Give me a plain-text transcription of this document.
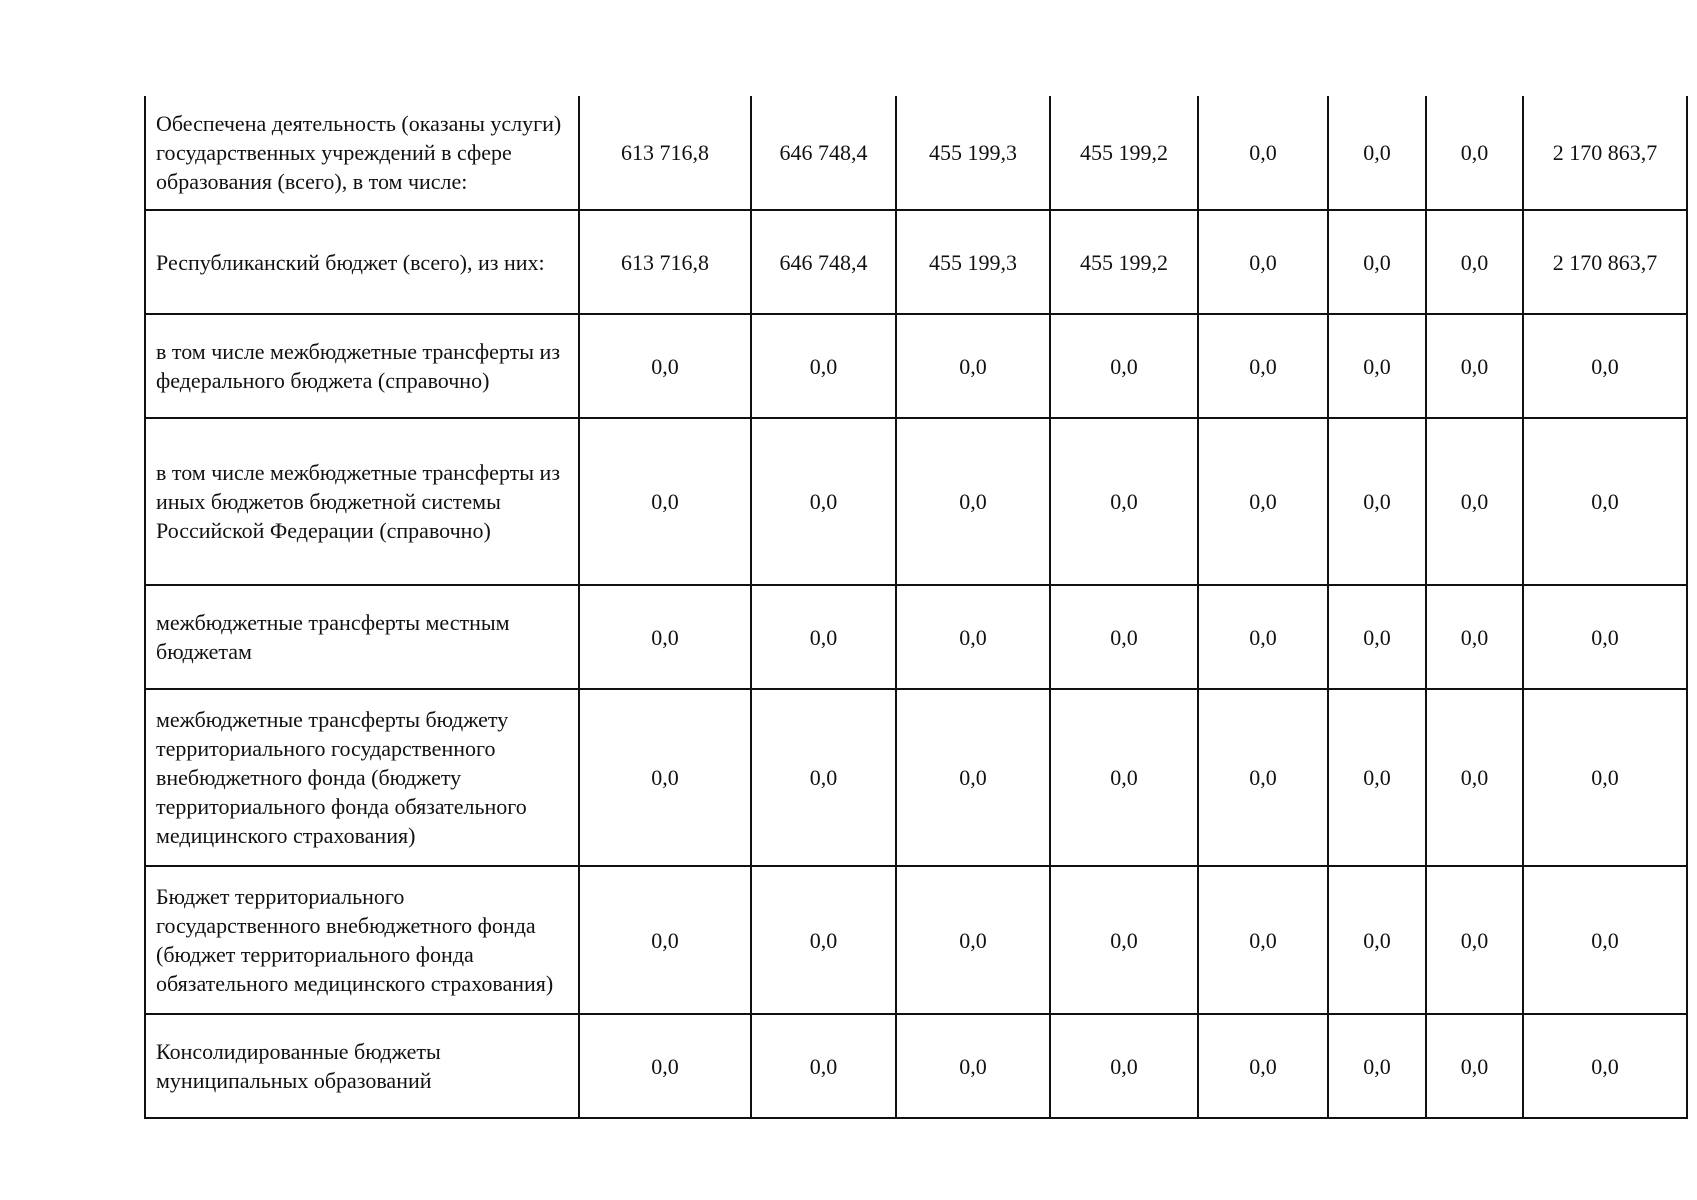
Обеспечена деятельность (оказаны услуги) государственных учреждений в сфере образования (всего), в том числе:	613 716,8	646 748,4	455 199,3	455 199,2	0,0	0,0	0,0	2 170 863,7
Республиканский бюджет (всего), из них:	613 716,8	646 748,4	455 199,3	455 199,2	0,0	0,0	0,0	2 170 863,7
в том числе межбюджетные трансферты из федерального бюджета (справочно)	0,0	0,0	0,0	0,0	0,0	0,0	0,0	0,0
в том числе межбюджетные трансферты из иных бюджетов бюджетной системы Российской Федерации (справочно)	0,0	0,0	0,0	0,0	0,0	0,0	0,0	0,0
межбюджетные трансферты местным бюджетам	0,0	0,0	0,0	0,0	0,0	0,0	0,0	0,0
межбюджетные трансферты бюджету территориального государственного внебюджетного фонда (бюджету территориального фонда обязательного медицинского страхования)	0,0	0,0	0,0	0,0	0,0	0,0	0,0	0,0
Бюджет территориального государственного внебюджетного фонда (бюджет территориального фонда обязательного медицинского страхования)	0,0	0,0	0,0	0,0	0,0	0,0	0,0	0,0
Консолидированные бюджеты муниципальных образований	0,0	0,0	0,0	0,0	0,0	0,0	0,0	0,0
